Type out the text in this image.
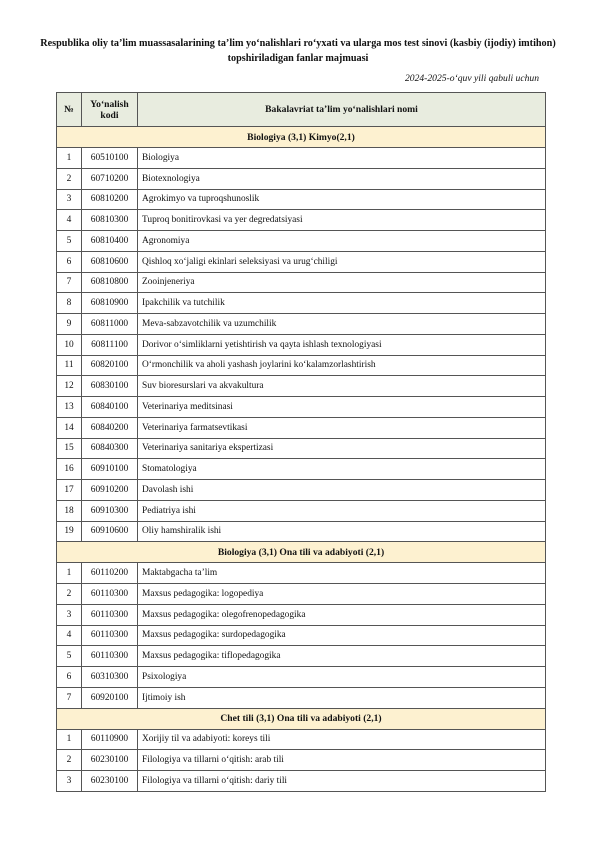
Respublika oliy ta’lim muassasalarining ta’lim yo‘nalishlari ro‘yxati va ularga mos test sinovi (kasbiy (ijodiy) imtihon) topshiriladigan fanlar majmuasi
2024-2025-o‘quv yili qabuli uchun
№	Yo‘nalish kodi	Bakalavriat ta’lim yo‘nalishlari nomi
Biologiya (3,1) Kimyo(2,1)		
1	60510100	Biologiya
2	60710200	Biotexnologiya
3	60810200	Agrokimyo va tuproqshunoslik
4	60810300	Tuproq bonitirovkasi va yer degredatsiyasi
5	60810400	Agronomiya
6	60810600	Qishloq xo‘jaligi ekinlari seleksiyasi va urug‘chiligi
7	60810800	Zooinjeneriya
8	60810900	Ipakchilik va tutchilik
9	60811000	Meva-sabzavotchilik va uzumchilik
10	60811100	Dorivor o‘simliklarni yetishtirish va qayta ishlash texnologiyasi
11	60820100	O‘rmonchilik va aholi yashash joylarini ko‘kalamzorlashtirish
12	60830100	Suv bioresurslari va akvakultura
13	60840100	Veterinariya meditsinasi
14	60840200	Veterinariya farmatsevtikasi
15	60840300	Veterinariya sanitariya ekspertizasi
16	60910100	Stomatologiya
17	60910200	Davolash ishi
18	60910300	Pediatriya ishi
19	60910600	Oliy hamshiralik ishi
Biologiya (3,1) Ona tili va adabiyoti (2,1)		
1	60110200	Maktabgacha ta’lim
2	60110300	Maxsus pedagogika: logopediya
3	60110300	Maxsus pedagogika: olegofrenopedagogika
4	60110300	Maxsus pedagogika: surdopedagogika
5	60110300	Maxsus pedagogika: tiflopedagogika
6	60310300	Psixologiya
7	60920100	Ijtimoiy ish
Chet tili (3,1) Ona tili va adabiyoti (2,1)		
1	60110900	Xorijiy til va adabiyoti: koreys tili
2	60230100	Filologiya va tillarni o‘qitish: arab tili
3	60230100	Filologiya va tillarni o‘qitish: dariy tili
